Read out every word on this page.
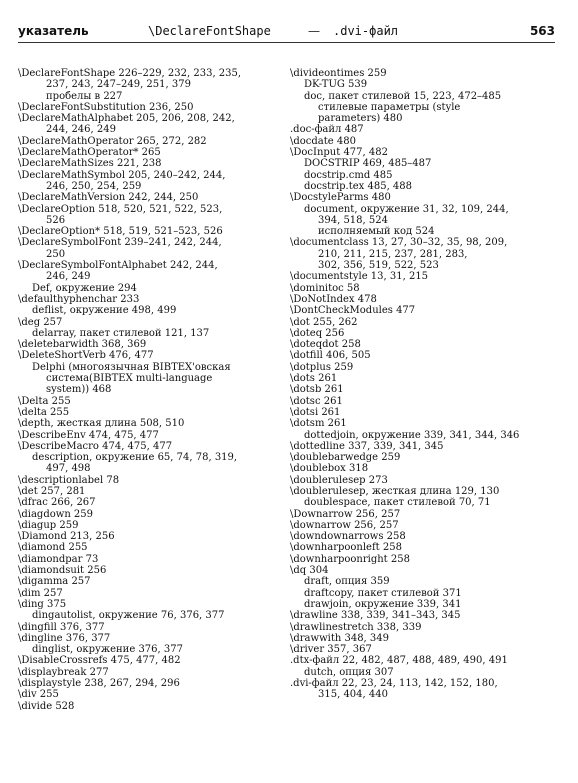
указатель	\DeclareFontShape	— .dvi-файл	563
\DeclareFontShape 226–229, 232, 233, 235,
237, 243, 247–249, 251, 379
пробелы в 227
\DeclareFontSubstitution 236, 250
\DeclareMathAlphabet 205, 206, 208, 242,
244, 246, 249
\DeclareMathOperator 265, 272, 282
\DeclareMathOperator* 265
\DeclareMathSizes 221, 238
\DeclareMathSymbol 205, 240–242, 244,
246, 250, 254, 259
\DeclareMathVersion 242, 244, 250
\DeclareOption 518, 520, 521, 522, 523,
526
\DeclareOption* 518, 519, 521–523, 526
\DeclareSymbolFont 239–241, 242, 244,
250
\DeclareSymbolFontAlphabet 242, 244,
246, 249
Def, окружение 294
\defaulthyphenchar 233
deflist, окружение 498, 499
\deg 257
delarray, пакет стилевой 121, 137
\deletebarwidth 368, 369
\DeleteShortVerb 476, 477
Delphi (многоязычная BIBTEX'овская
система(BIBTEX multi-language
system)) 468
\Delta 255
\delta 255
\depth, жесткая длина 508, 510
\DescribeEnv 474, 475, 477
\DescribeMacro 474, 475, 477
description, окружение 65, 74, 78, 319,
497, 498
\descriptionlabel 78
\det 257, 281
\dfrac 266, 267
\diagdown 259
\diagup 259
\Diamond 213, 256
\diamond 255
\diamondpar 73
\diamondsuit 256
\digamma 257
\dim 257
\ding 375
dingautolist, окружение 76, 376, 377
\dingfill 376, 377
\dingline 376, 377
dinglist, окружение 376, 377
\DisableCrossrefs 475, 477, 482
\displaybreak 277
\displaystyle 238, 267, 294, 296
\div 255
\divide 528
\divideontimes 259
DK-TUG 539
doc, пакет стилевой 15, 223, 472–485
стилевые параметры (style
parameters) 480
.doc-файл 487
\docdate 480
\DocInput 477, 482
DOCSTRIP 469, 485–487
docstrip.cmd 485
docstrip.tex 485, 488
\DocstyleParms 480
document, окружение 31, 32, 109, 244,
394, 518, 524
исполняемый код 524
\documentclass 13, 27, 30–32, 35, 98, 209,
210, 211, 215, 237, 281, 283,
302, 356, 519, 522, 523
\documentstyle 13, 31, 215
\dominitoc 58
\DoNotIndex 478
\DontCheckModules 477
\dot 255, 262
\doteq 256
\doteqdot 258
\dotfill 406, 505
\dotplus 259
\dots 261
\dotsb 261
\dotsc 261
\dotsi 261
\dotsm 261
dottedjoin, окружение 339, 341, 344, 346
\dottedline 337, 339, 341, 345
\doublebarwedge 259
\doublebox 318
\doublerulesep 273
\doublerulesep, жесткая длина 129, 130
doublespace, пакет стилевой 70, 71
\Downarrow 256, 257
\downarrow 256, 257
\downdownarrows 258
\downharpoonleft 258
\downharpoonright 258
\dq 304
draft, опция 359
draftcopy, пакет стилевой 371
drawjoin, окружение 339, 341
\drawline 338, 339, 341–343, 345
\drawlinestretch 338, 339
\drawwith 348, 349
\driver 357, 367
.dtx-файл 22, 482, 487, 488, 489, 490, 491
dutch, опция 307
.dvi-файл 22, 23, 24, 113, 142, 152, 180,
315, 404, 440
